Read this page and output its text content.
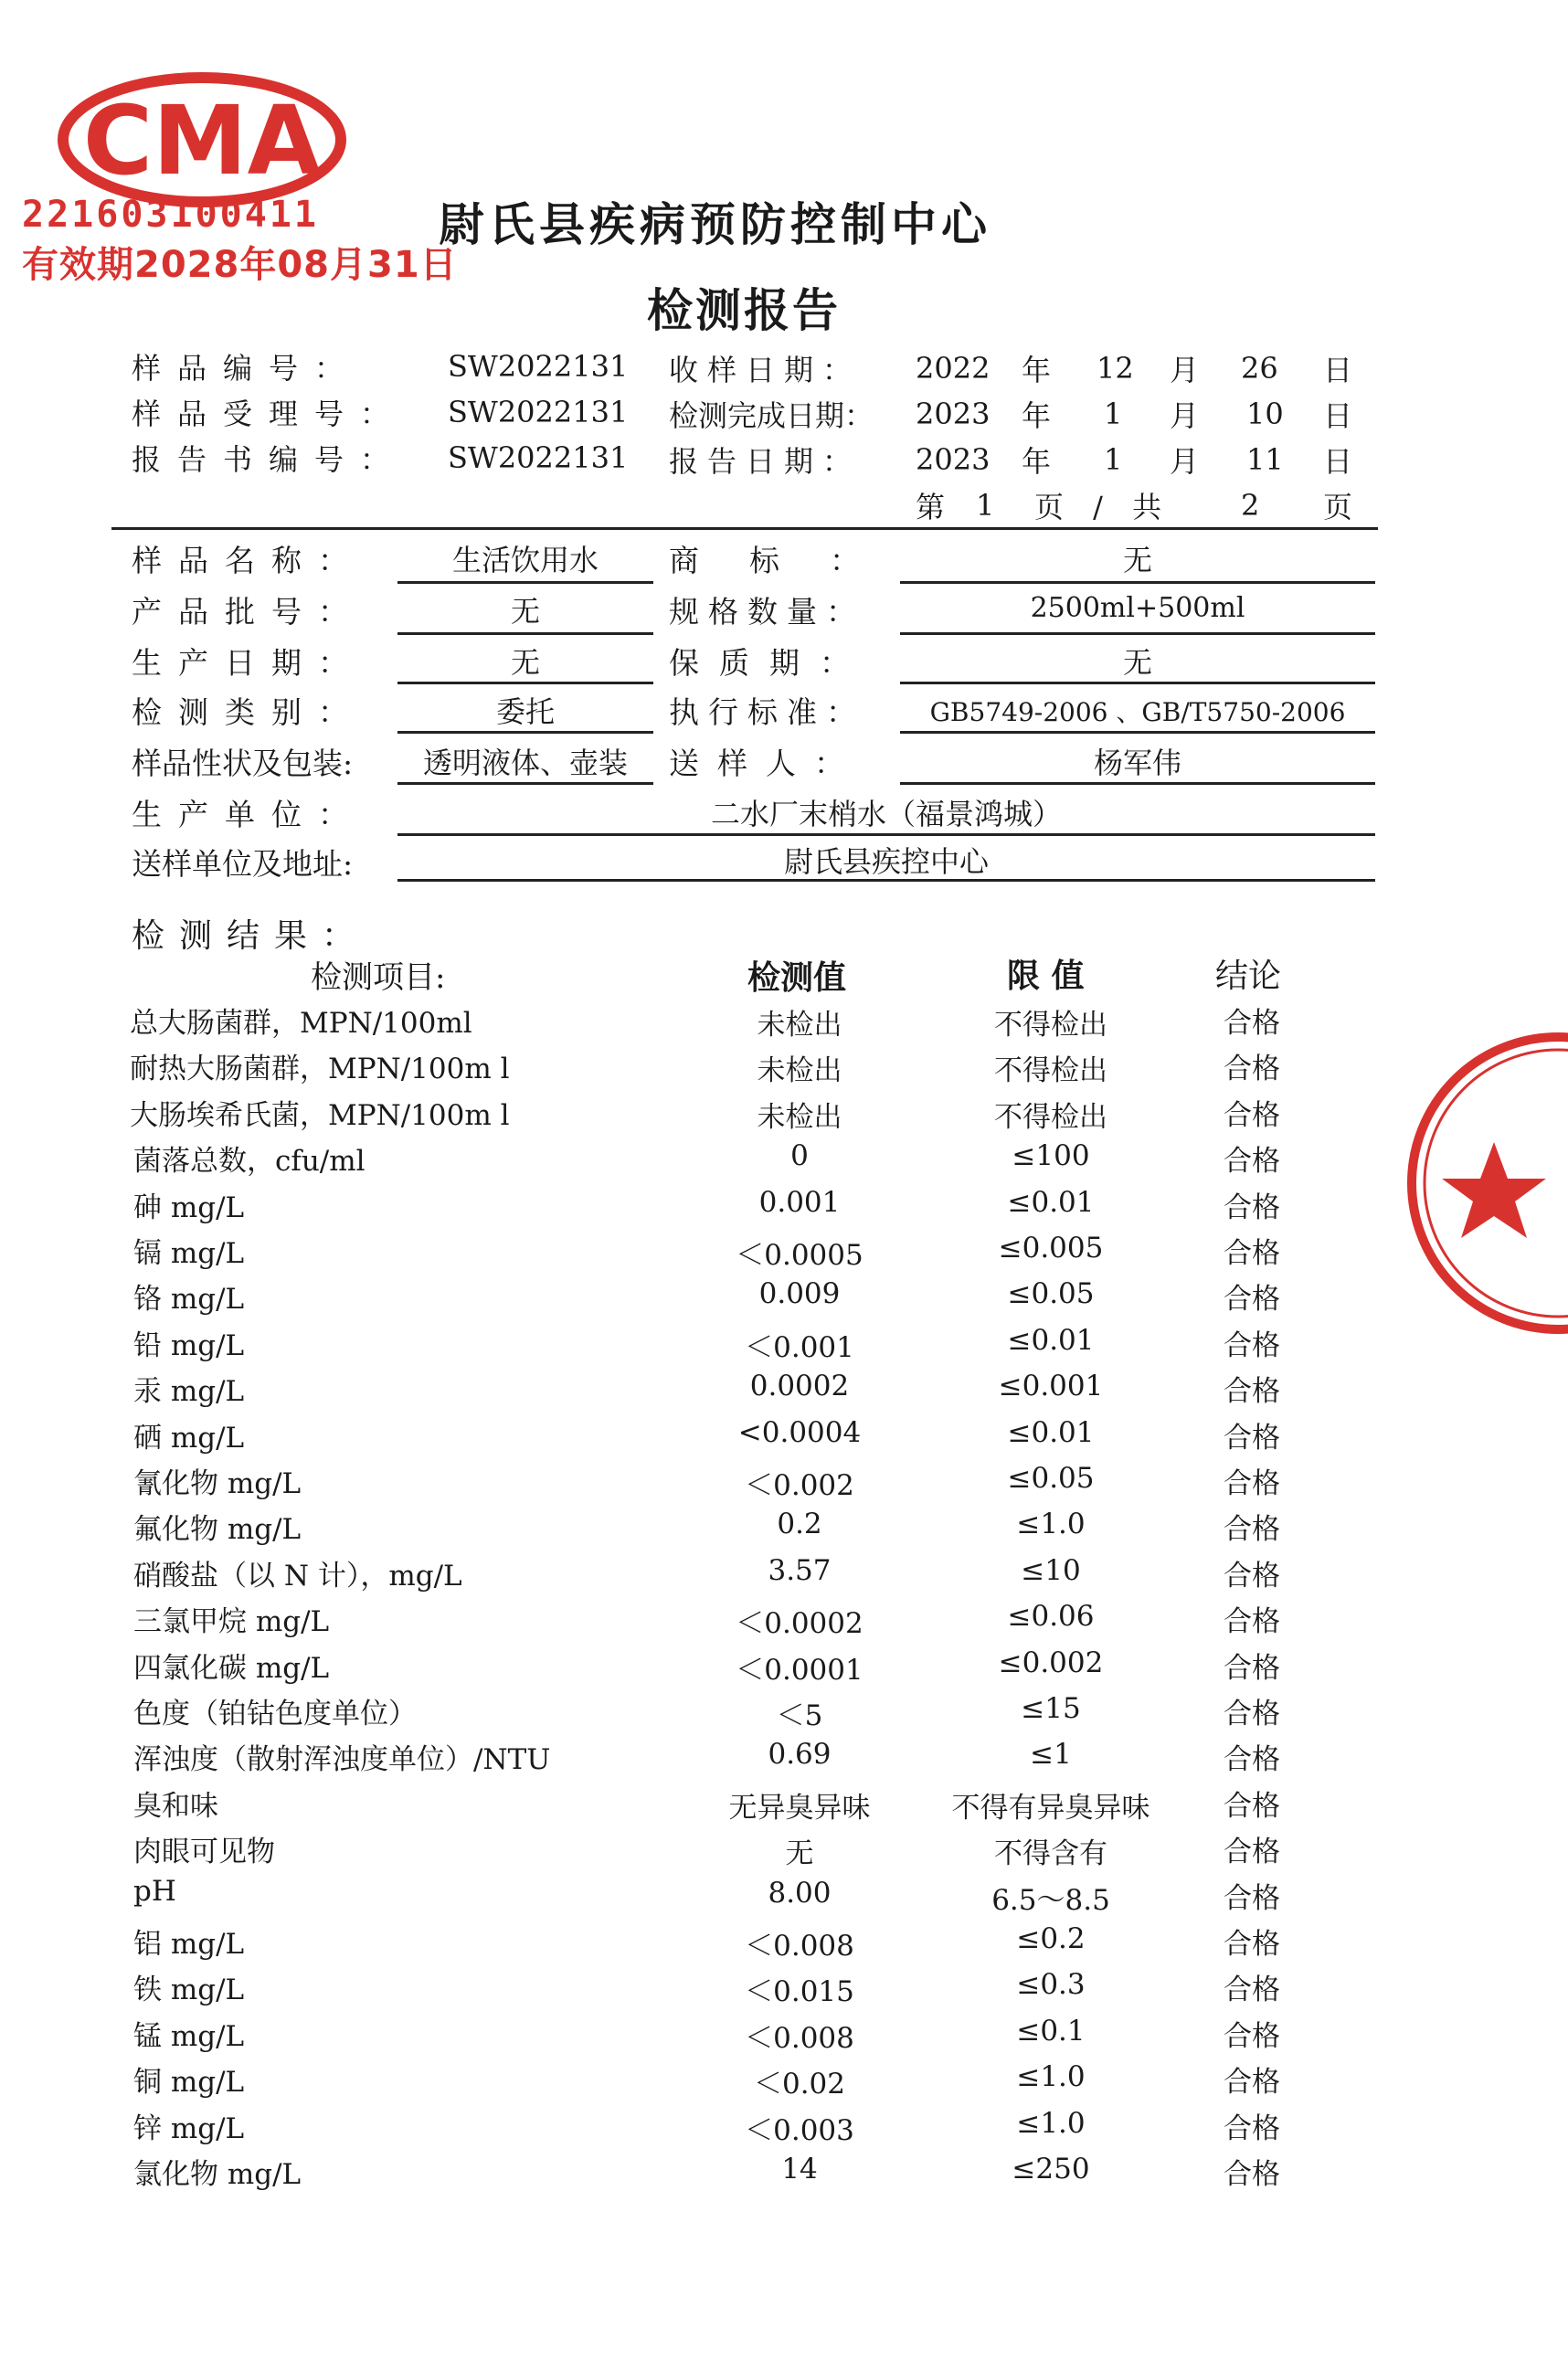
CMA
221603100411
有效期2028年08月31日
尉氏县疾病预防控制中心
检测报告
样品编号：	SW2022131 收样日期： 2022 年 12 月 26 日
样品受理号： SW2022131 检测完成日期： 2023 年 1 月 10 日
报告书编号： SW2022131 报告日期： 2023 年 1 月 11 日
第 1 页 / 共	2 页
样品名称：	生活饮用水	商标：	无
产品批号：	无	规格数量：	2500ml+500ml
生产日期：	无	保质期：	无
检测类别：	委托	执行标准：	GB5749-2006 、GB/T5750-2006
样品性状及包装:	透明液体、壶装	送样人：	杨军伟
生产单位：	二水厂末梢水（福景鸿城）
送样单位及地址:	尉氏县疾控中心
检测结果：
检测项目:	检测值	限 值	结论
总大肠菌群，MPN/100ml	未检出	不得检出	合格
耐热大肠菌群，MPN/100m l	未检出	不得检出	合格
大肠埃希氏菌，MPN/100m l	未检出	不得检出	合格
菌落总数，cfu/ml	0	≤100	合格
砷 mg/L	0.001	≤0.01	合格
镉 mg/L	＜0.0005	≤0.005	合格
铬 mg/L	0.009	≤0.05	合格
铅 mg/L	＜0.001	≤0.01	合格
汞 mg/L	0.0002	≤0.001	合格
硒 mg/L	<0.0004	≤0.01	合格
氰化物 mg/L	＜0.002	≤0.05	合格
氟化物 mg/L	0.2	≤1.0	合格
硝酸盐（以 N 计），mg/L	3.57	≤10	合格
三氯甲烷 mg/L	＜0.0002	≤0.06	合格
四氯化碳 mg/L	＜0.0001	≤0.002	合格
色度（铂钴色度单位）	＜5	≤15	合格
浑浊度（散射浑浊度单位）/NTU	0.69	≤1	合格
臭和味	无异臭异味	不得有异臭异味	合格
肉眼可见物	无	不得含有	合格
pH	8.00	6.5～8.5	合格
铝 mg/L	＜0.008	≤0.2	合格
铁 mg/L	＜0.015	≤0.3	合格
锰 mg/L	＜0.008	≤0.1	合格
铜 mg/L	＜0.02	≤1.0	合格
锌 mg/L	＜0.003	≤1.0	合格
氯化物 mg/L	14	≤250	合格
